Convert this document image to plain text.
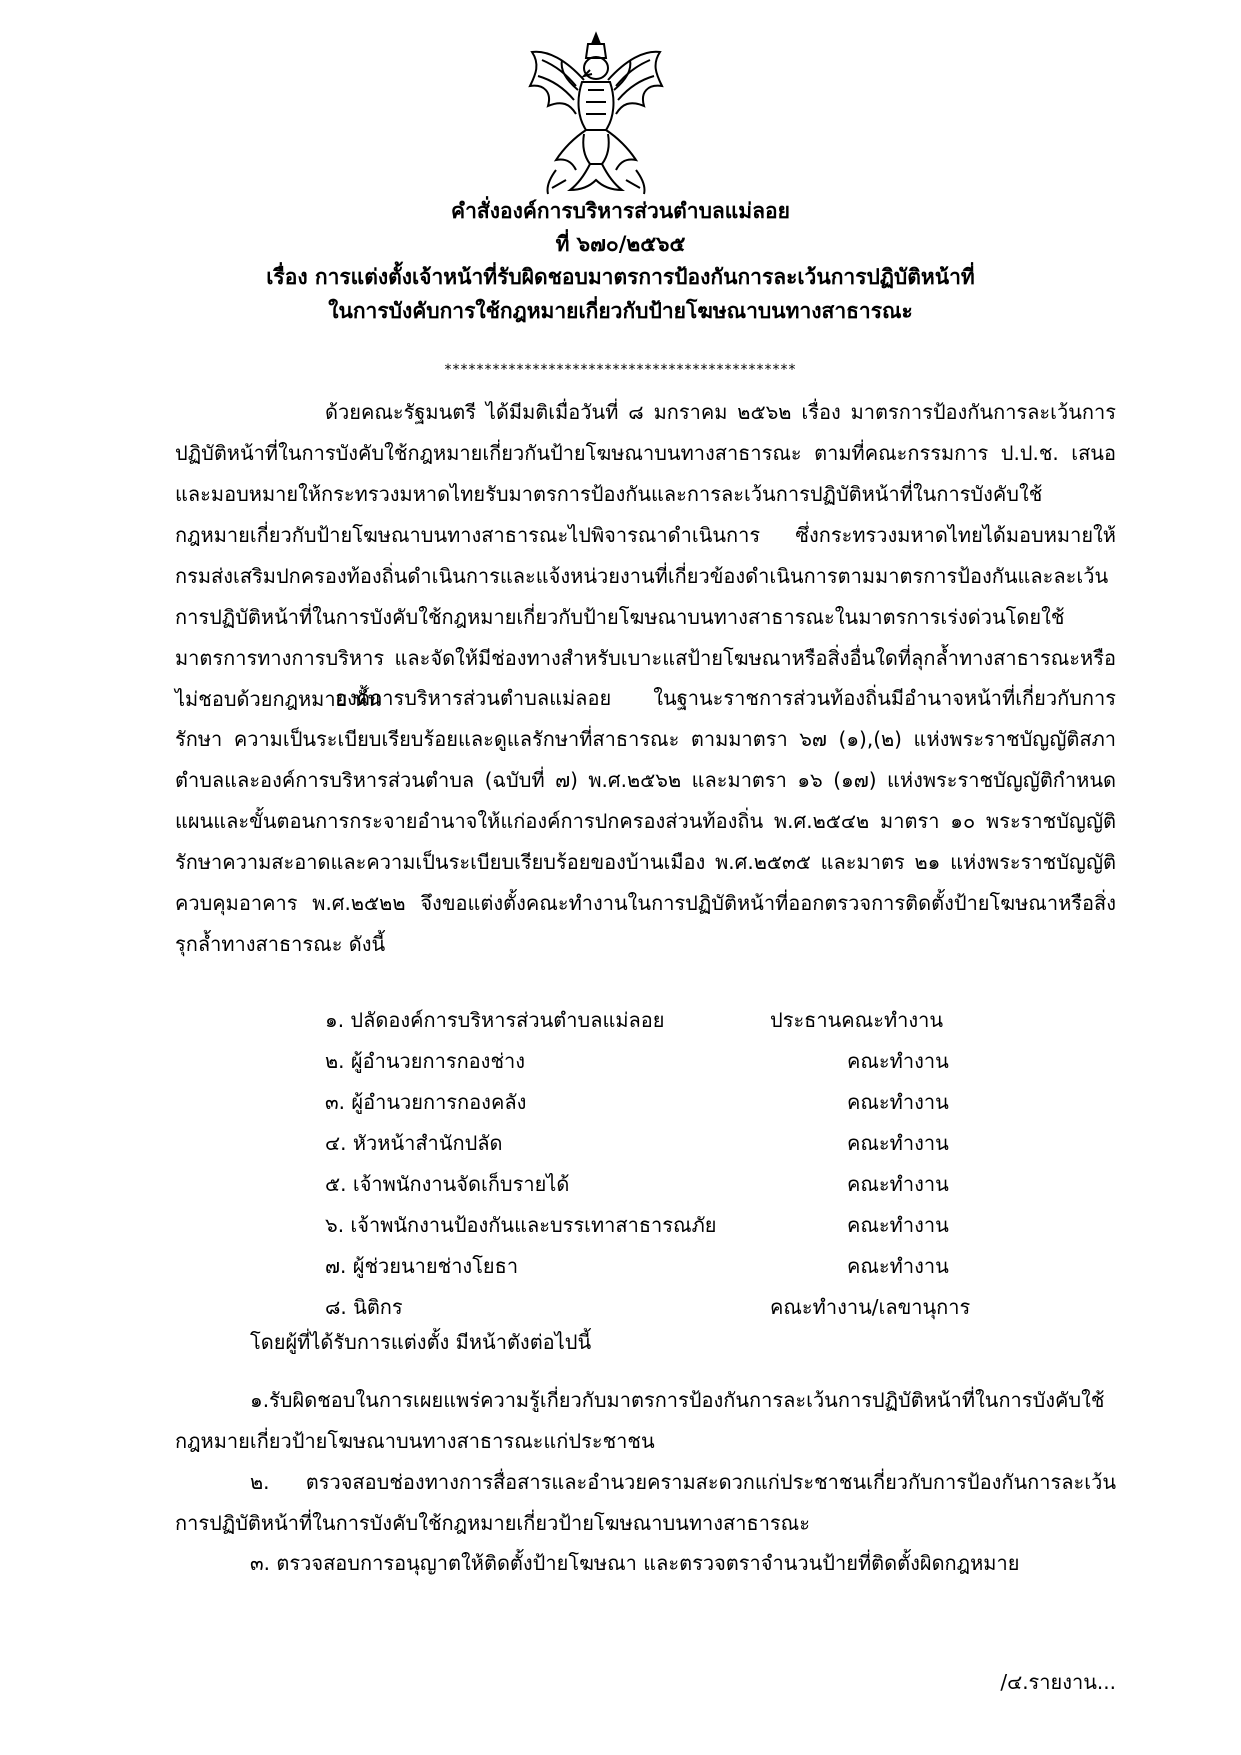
คำสั่งองค์การบริหารส่วนตำบลแม่ลอย
ที่ ๖๗๐/๒๕๖๕
เรื่อง การแต่งตั้งเจ้าหน้าที่รับผิดชอบมาตรการป้องกันการละเว้นการปฏิบัติหน้าที่
ในการบังคับการใช้กฎหมายเกี่ยวกับป้ายโฆษณาบนทางสาธารณะ
********************************************

ด้วยคณะรัฐมนตรี ได้มีมติเมื่อวันที่ ๘ มกราคม ๒๕๖๒ เรื่อง มาตรการป้องกันการละเว้นการปฏิบัติหน้าที่ในการบังคับใช้กฎหมายเกี่ยวกันป้ายโฆษณาบนทางสาธารณะ ตามที่คณะกรรมการ ป.ป.ช. เสนอ และมอบหมายให้กระทรวงมหาดไทยรับมาตรการป้องกันและการละเว้นการปฏิบัติหน้าที่ในการบังคับใช้กฎหมายเกี่ยวกับป้ายโฆษณาบนทางสาธารณะไปพิจารณาดำเนินการ ซึ่งกระทรวงมหาดไทยได้มอบหมายให้กรมส่งเสริมปกครองท้องถิ่นดำเนินการและแจ้งหน่วยงานที่เกี่ยวข้องดำเนินการตามมาตรการป้องกันและละเว้นการปฏิบัติหน้าที่ในการบังคับใช้กฎหมายเกี่ยวกับป้ายโฆษณาบนทางสาธารณะในมาตรการเร่งด่วนโดยใช้มาตรการทางการบริหาร และจัดให้มีช่องทางสำหรับเบาะแสป้ายโฆษณาหรือสิ่งอื่นใดที่ลุกล้ำทางสาธารณะหรือไม่ชอบด้วยกฎหมาย นั้น

องค์การบริหารส่วนตำบลแม่ลอย ในฐานะราชการส่วนท้องถิ่นมีอำนาจหน้าที่เกี่ยวกับการรักษา ความเป็นระเบียบเรียบร้อยและดูแลรักษาที่สาธารณะ ตามมาตรา ๖๗ (๑),(๒) แห่งพระราชบัญญัติสภาตำบลและองค์การบริหารส่วนตำบล (ฉบับที่ ๗) พ.ศ.๒๕๖๒ และมาตรา ๑๖ (๑๗) แห่งพระราชบัญญัติกำหนดแผนและขั้นตอนการกระจายอำนาจให้แก่องค์การปกครองส่วนท้องถิ่น พ.ศ.๒๕๔๒ มาตรา ๑๐ พระราชบัญญัติรักษาความสะอาดและความเป็นระเบียบเรียบร้อยของบ้านเมือง พ.ศ.๒๕๓๕ และมาตร ๒๑ แห่งพระราชบัญญัติควบคุมอาคาร พ.ศ.๒๕๒๒ จึงขอแต่งตั้งคณะทำงานในการปฏิบัติหน้าที่ออกตรวจการติดตั้งป้ายโฆษณาหรือสิ่งรุกล้ำทางสาธารณะ ดังนี้

๑. ปลัดองค์การบริหารส่วนตำบลแม่ลอย	ประธานคณะทำงาน
๒. ผู้อำนวยการกองช่าง	คณะทำงาน
๓. ผู้อำนวยการกองคลัง	คณะทำงาน
๔. หัวหน้าสำนักปลัด	คณะทำงาน
๕. เจ้าพนักงานจัดเก็บรายได้	คณะทำงาน
๖. เจ้าพนักงานป้องกันและบรรเทาสาธารณภัย	คณะทำงาน
๗. ผู้ช่วยนายช่างโยธา	คณะทำงาน
๘. นิติกร	คณะทำงาน/เลขานุการ

โดยผู้ที่ได้รับการแต่งตั้ง มีหน้าตังต่อไปนี้

๑.รับผิดชอบในการเผยแพร่ความรู้เกี่ยวกับมาตรการป้องกันการละเว้นการปฏิบัติหน้าที่ในการบังคับใช้กฎหมายเกี่ยวป้ายโฆษณาบนทางสาธารณะแก่ประชาชน

๒. ตรวจสอบช่องทางการสื่อสารและอำนวยครามสะดวกแก่ประชาชนเกี่ยวกับการป้องกันการละเว้นการปฏิบัติหน้าที่ในการบังคับใช้กฎหมายเกี่ยวป้ายโฆษณาบนทางสาธารณะ

๓. ตรวจสอบการอนุญาตให้ติดตั้งป้ายโฆษณา และตรวจตราจำนวนป้ายที่ติดตั้งผิดกฎหมาย

/๔.รายงาน...
